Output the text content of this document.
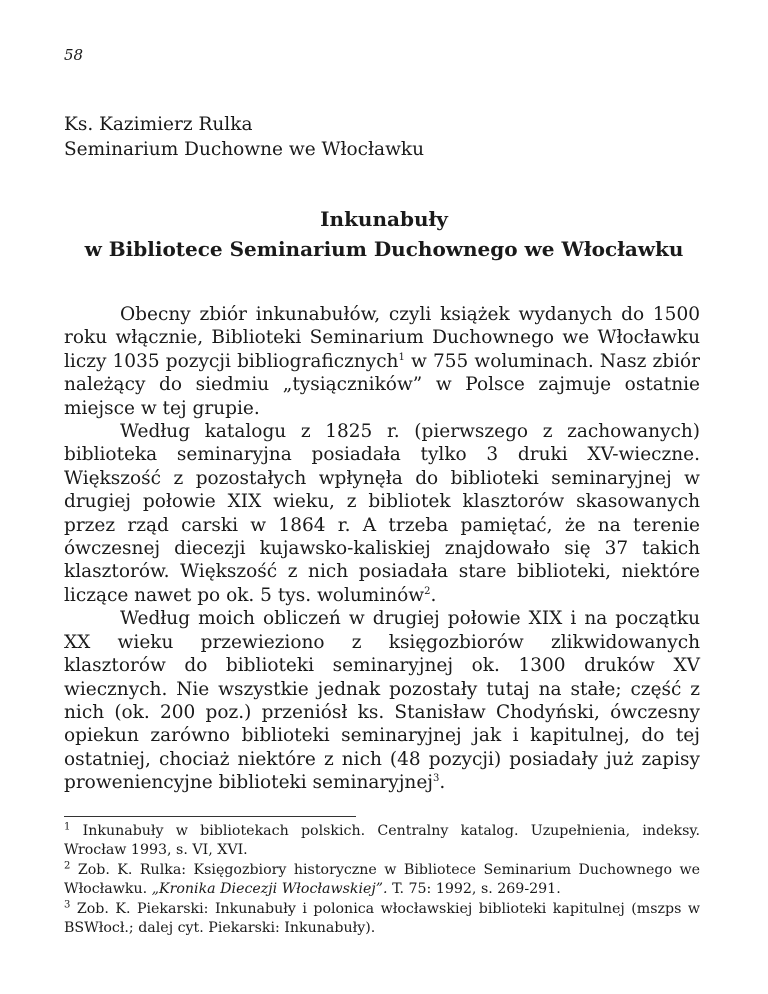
58
Ks. Kazimierz Rulka
Seminarium Duchowne we Włocławku
Inkunabuły
w Bibliotece Seminarium Duchownego we Włocławku

Obecny zbiór inkunabułów, czyli książek wydanych do 1500 roku włącznie, Biblioteki Seminarium Duchownego we Włocławku liczy 1035 pozycji bibliograficznych$^1$ w 755 woluminach. Nasz zbiór należący do siedmiu „tysiączników” w Polsce zajmuje ostatnie miejsce w tej grupie.

Według katalogu z 1825 r. (pierwszego z zachowanych) biblioteka seminaryjna posiadała tylko 3 druki XV-wieczne. Większość z pozostałych wpłynęła do biblioteki seminaryjnej w drugiej połowie XIX wieku, z bibliotek klasztorów skasowanych przez rząd carski w 1864 r. A trzeba pamiętać, że na terenie ówczesnej diecezji kujawsko-kaliskiej znajdowało się 37 takich klasztorów. Większość z nich posiadała stare biblioteki, niektóre liczące nawet po ok. 5 tys. woluminów$^2$.

Według moich obliczeń w drugiej połowie XIX i na początku XX wieku przewieziono z księgozbiorów zlikwidowanych klasztorów do biblioteki seminaryjnej ok. 1300 druków XV wiecznych. Nie wszystkie jednak pozostały tutaj na stałe; część z nich (ok. 200 poz.) przeniósł ks. Stanisław Chodyński, ówczesny opiekun zarówno biblioteki seminaryjnej jak i kapitulnej, do tej ostatniej, chociaż niektóre z nich (48 pozycji) posiadały już zapisy proweniencyjne biblioteki seminaryjnej$^3$.

$^1$ Inkunabuły w bibliotekach polskich. Centralny katalog. Uzupełnienia, indeksy. Wrocław 1993, s. VI, XVI.

$^2$ Zob. K. Rulka: Księgozbiory historyczne w Bibliotece Seminarium Duchownego we Włocławku. „Kronika Diecezji Włocławskiej”. T. 75: 1992, s. 269-291.

$^3$ Zob. K. Piekarski: Inkunabuły i polonica włocławskiej biblioteki kapitulnej (mszps w BSWłocł.; dalej cyt. Piekarski: Inkunabuły).
